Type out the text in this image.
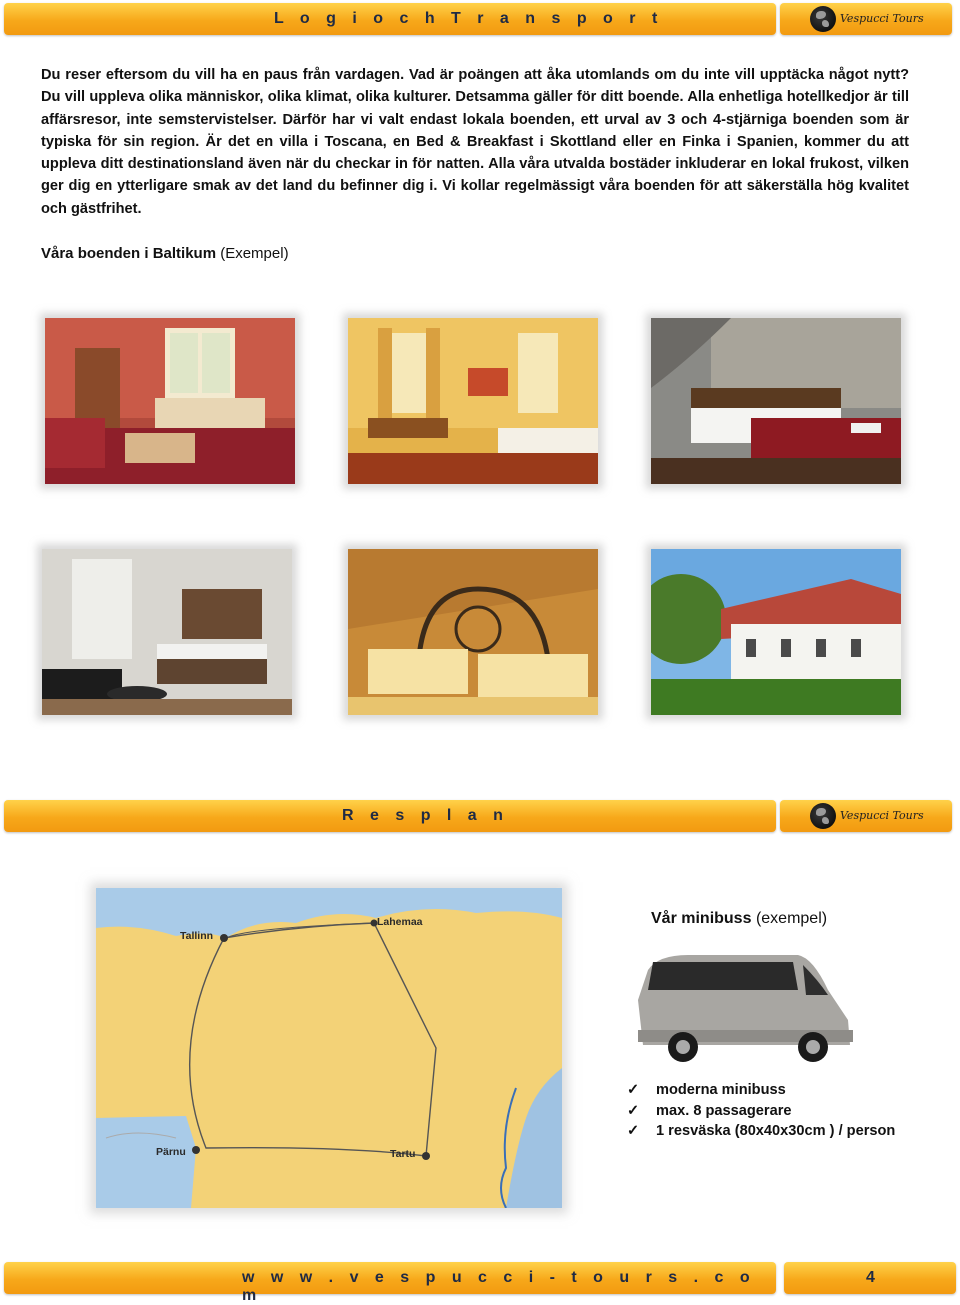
L o g i o c h T r a n s p o r t	Vespucci Tours
Du reser eftersom du vill ha en paus från vardagen. Vad är poängen att åka utomlands om du inte vill upptäcka något nytt? Du vill uppleva olika människor, olika klimat, olika kulturer. Detsamma gäller för ditt boende. Alla enhetliga hotellkedjor är till affärsresor, inte semstervistelser. Därför har vi valt endast lokala boenden, ett urval av 3 och 4-stjärniga boenden som är typiska för sin region. Är det en villa i Toscana, en Bed & Breakfast i Skottland eller en Finka i Spanien, kommer du att uppleva ditt destinationsland även när du checkar in för natten. Alla våra utvalda bostäder inkluderar en lokal frukost, vilken ger dig en ytterligare smak av det land du befinner dig i. Vi kollar regelmässigt våra boenden för att säkerställa hög kvalitet och gästfrihet.
Våra boenden i Baltikum (Exempel)
R e s p l a n	Vespucci Tours
Tallinn
Lahemaa
Pärnu	Tartu
Vår minibuss (exempel)
✓ moderna minibuss
✓ max. 8 passagerare
✓ 1 resväska (80x40x30cm ) / person
w w w . v e s p u c c i - t o u r s . c o m
4
